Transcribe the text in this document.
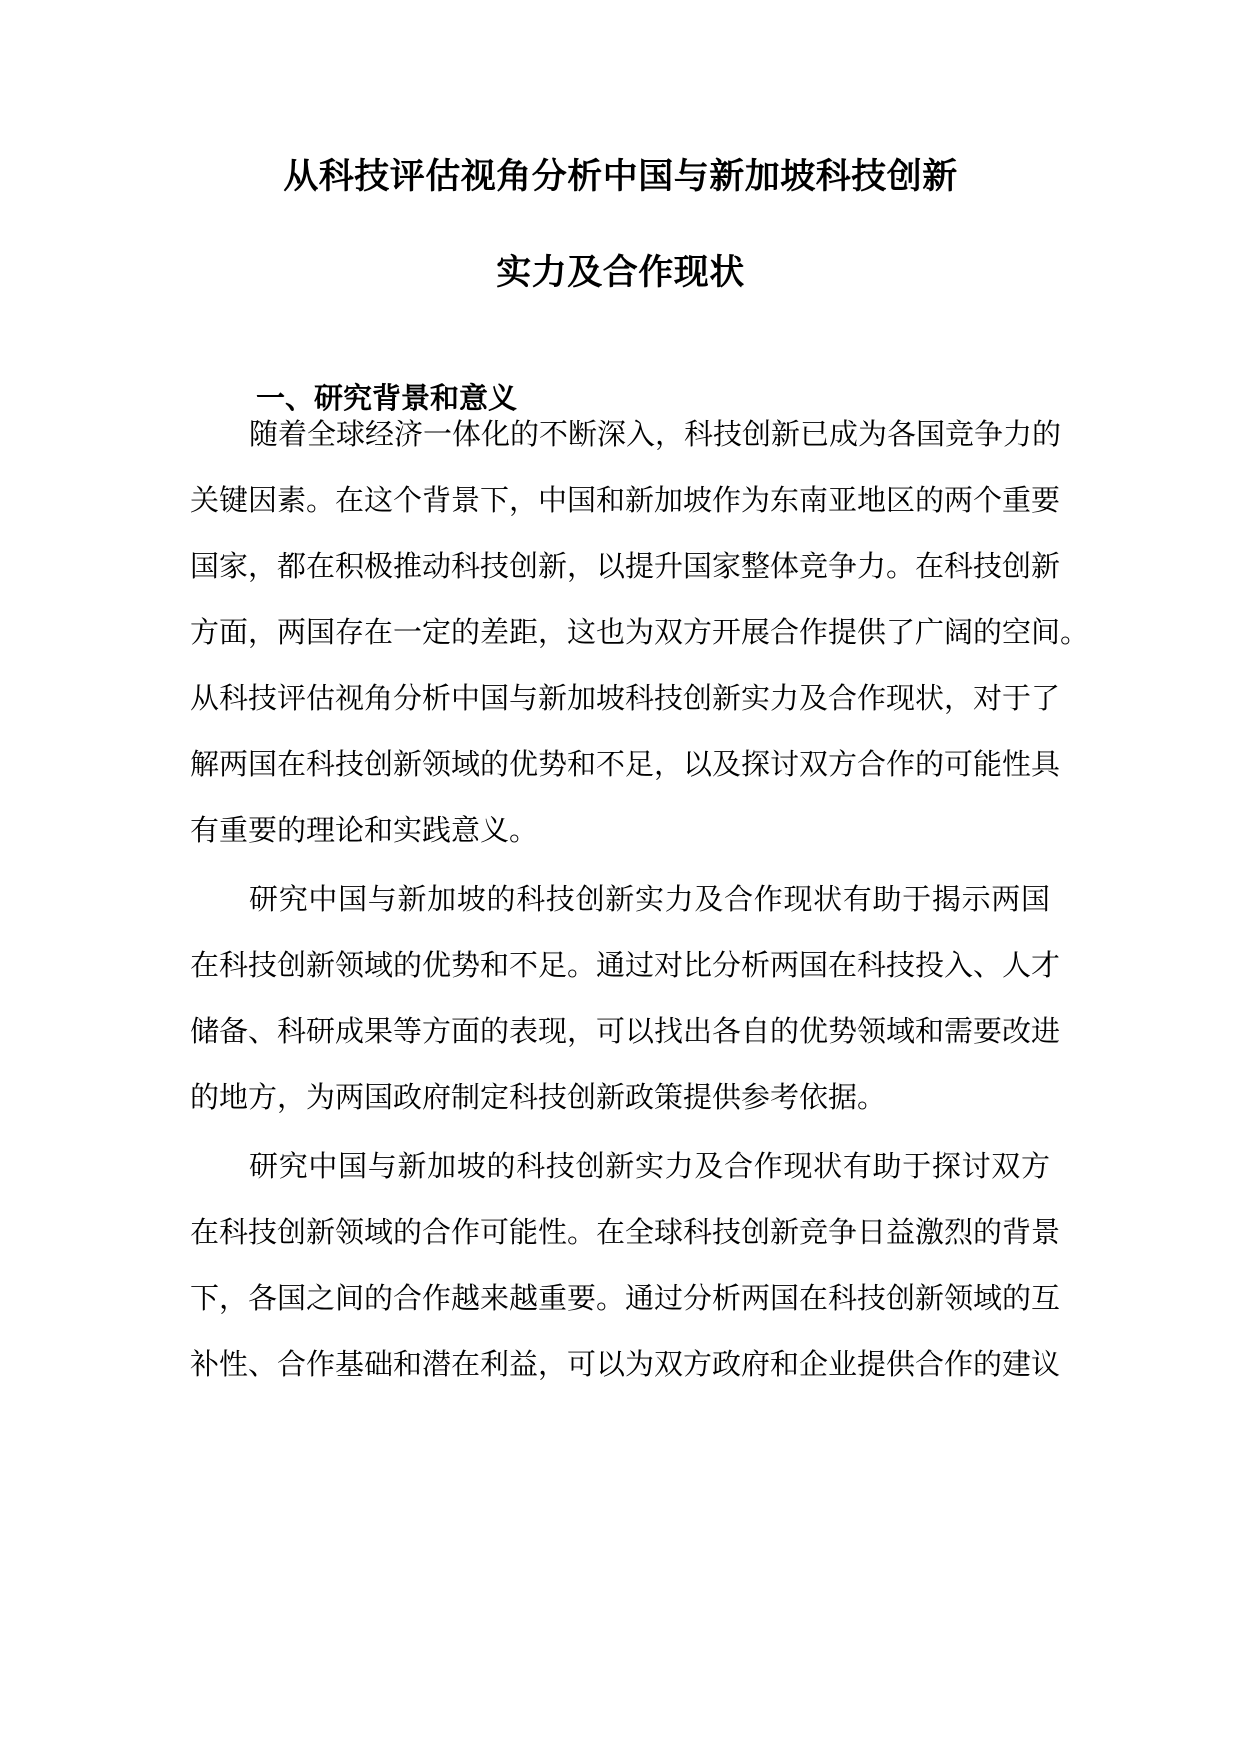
从科技评估视角分析中国与新加坡科技创新
实力及合作现状
一、研究背景和意义
随着全球经济一体化的不断深入，科技创新已成为各国竞争力的
关键因素。在这个背景下，中国和新加坡作为东南亚地区的两个重要
国家，都在积极推动科技创新，以提升国家整体竞争力。在科技创新
方面，两国存在一定的差距，这也为双方开展合作提供了广阔的空间。
从科技评估视角分析中国与新加坡科技创新实力及合作现状，对于了
解两国在科技创新领域的优势和不足，以及探讨双方合作的可能性具
有重要的理论和实践意义。
研究中国与新加坡的科技创新实力及合作现状有助于揭示两国
在科技创新领域的优势和不足。通过对比分析两国在科技投入、人才
储备、科研成果等方面的表现，可以找出各自的优势领域和需要改进
的地方，为两国政府制定科技创新政策提供参考依据。
研究中国与新加坡的科技创新实力及合作现状有助于探讨双方
在科技创新领域的合作可能性。在全球科技创新竞争日益激烈的背景
下，各国之间的合作越来越重要。通过分析两国在科技创新领域的互
补性、合作基础和潜在利益，可以为双方政府和企业提供合作的建议
